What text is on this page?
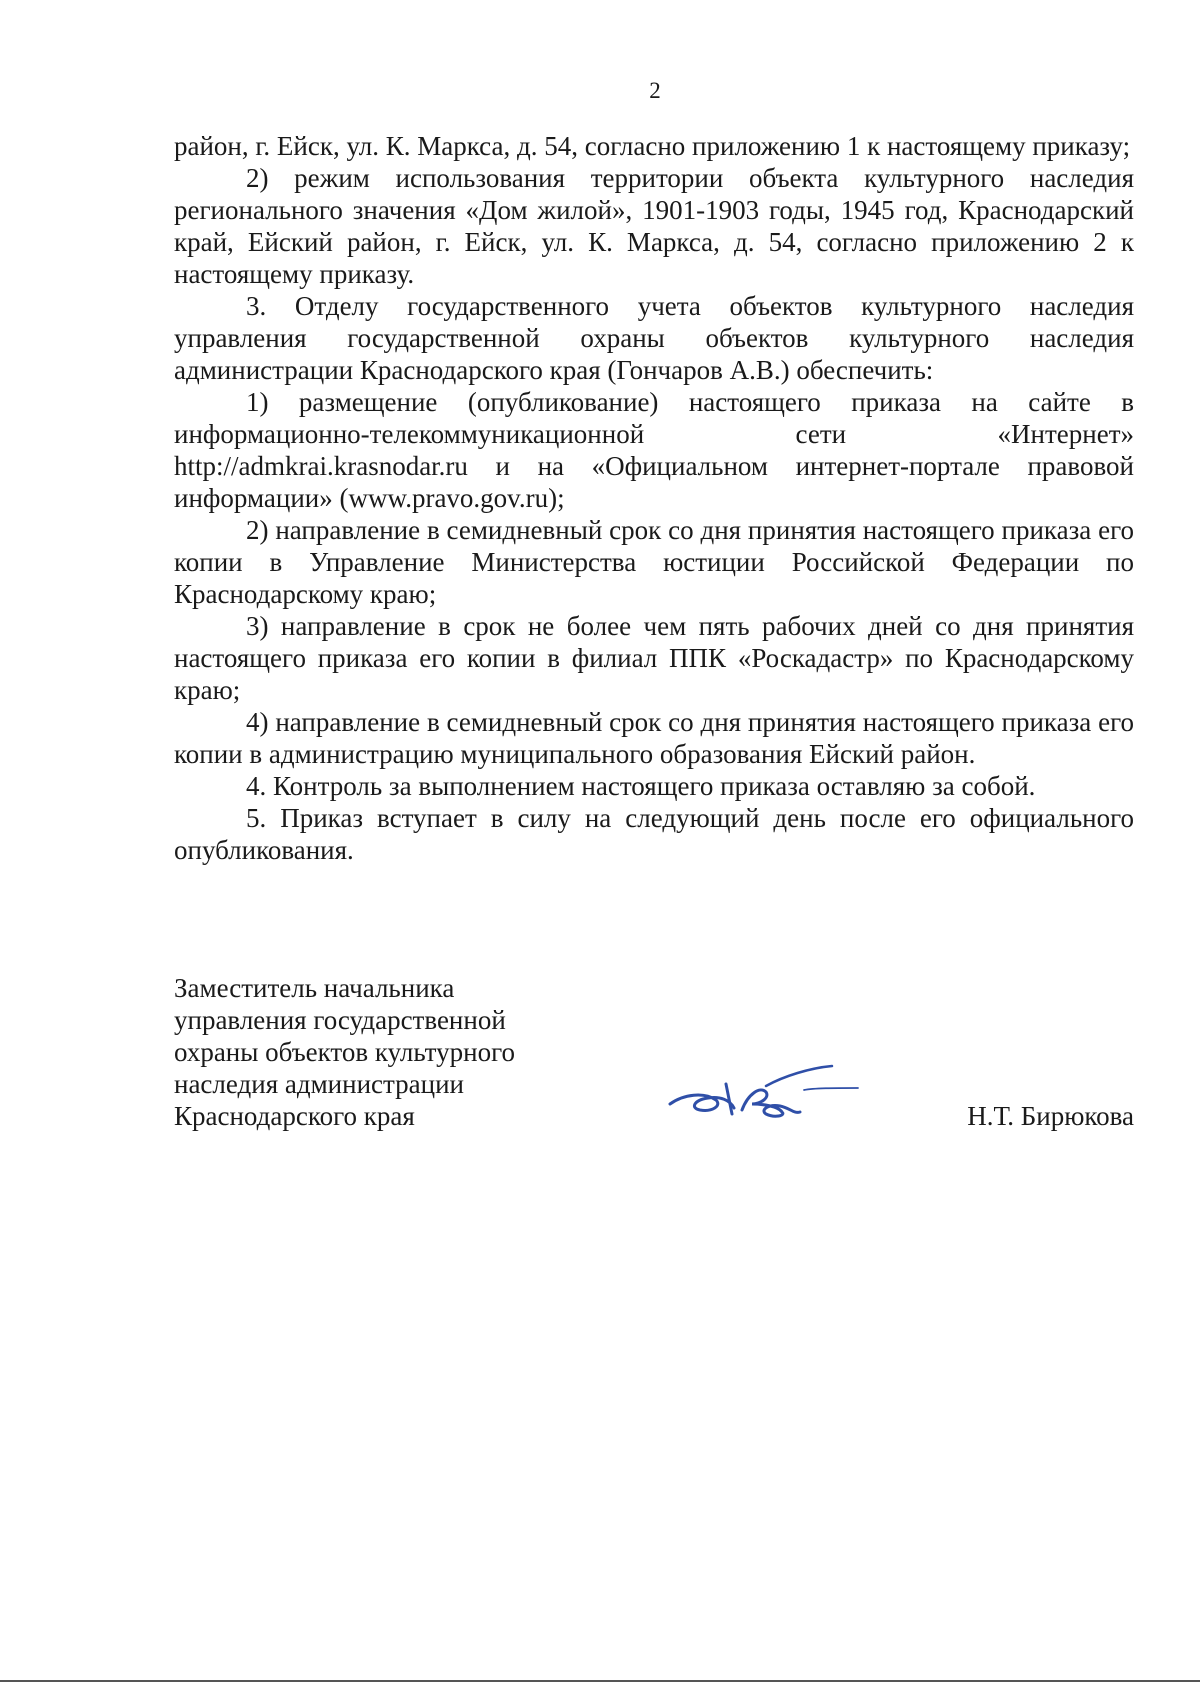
2

район, г. Ейск, ул. К. Маркса, д. 54, согласно приложению 1 к настоящему приказу;

2) режим использования территории объекта культурного наследия регионального значения «Дом жилой», 1901-1903 годы, 1945 год, Краснодарский край, Ейский район, г. Ейск, ул. К. Маркса, д. 54, согласно приложению 2 к настоящему приказу.

3. Отделу государственного учета объектов культурного наследия управления государственной охраны объектов культурного наследия администрации Краснодарского края (Гончаров А.В.) обеспечить:

1) размещение (опубликование) настоящего приказа на сайте в информационно-телекоммуникационной сети «Интернет» http://admkrai.krasnodar.ru и на «Официальном интернет-портале правовой информации» (www.pravo.gov.ru);

2) направление в семидневный срок со дня принятия настоящего приказа его копии в Управление Министерства юстиции Российской Федерации по Краснодарскому краю;

3) направление в срок не более чем пять рабочих дней со дня принятия настоящего приказа его копии в филиал ППК «Роскадастр» по Краснодарскому краю;

4) направление в семидневный срок со дня принятия настоящего приказа его копии в администрацию муниципального образования Ейский район.

4. Контроль за выполнением настоящего приказа оставляю за собой.

5. Приказ вступает в силу на следующий день после его официального опубликования.

Заместитель начальника
управления государственной
охраны объектов культурного
наследия администрации
Краснодарского края	Н.Т. Бирюкова
